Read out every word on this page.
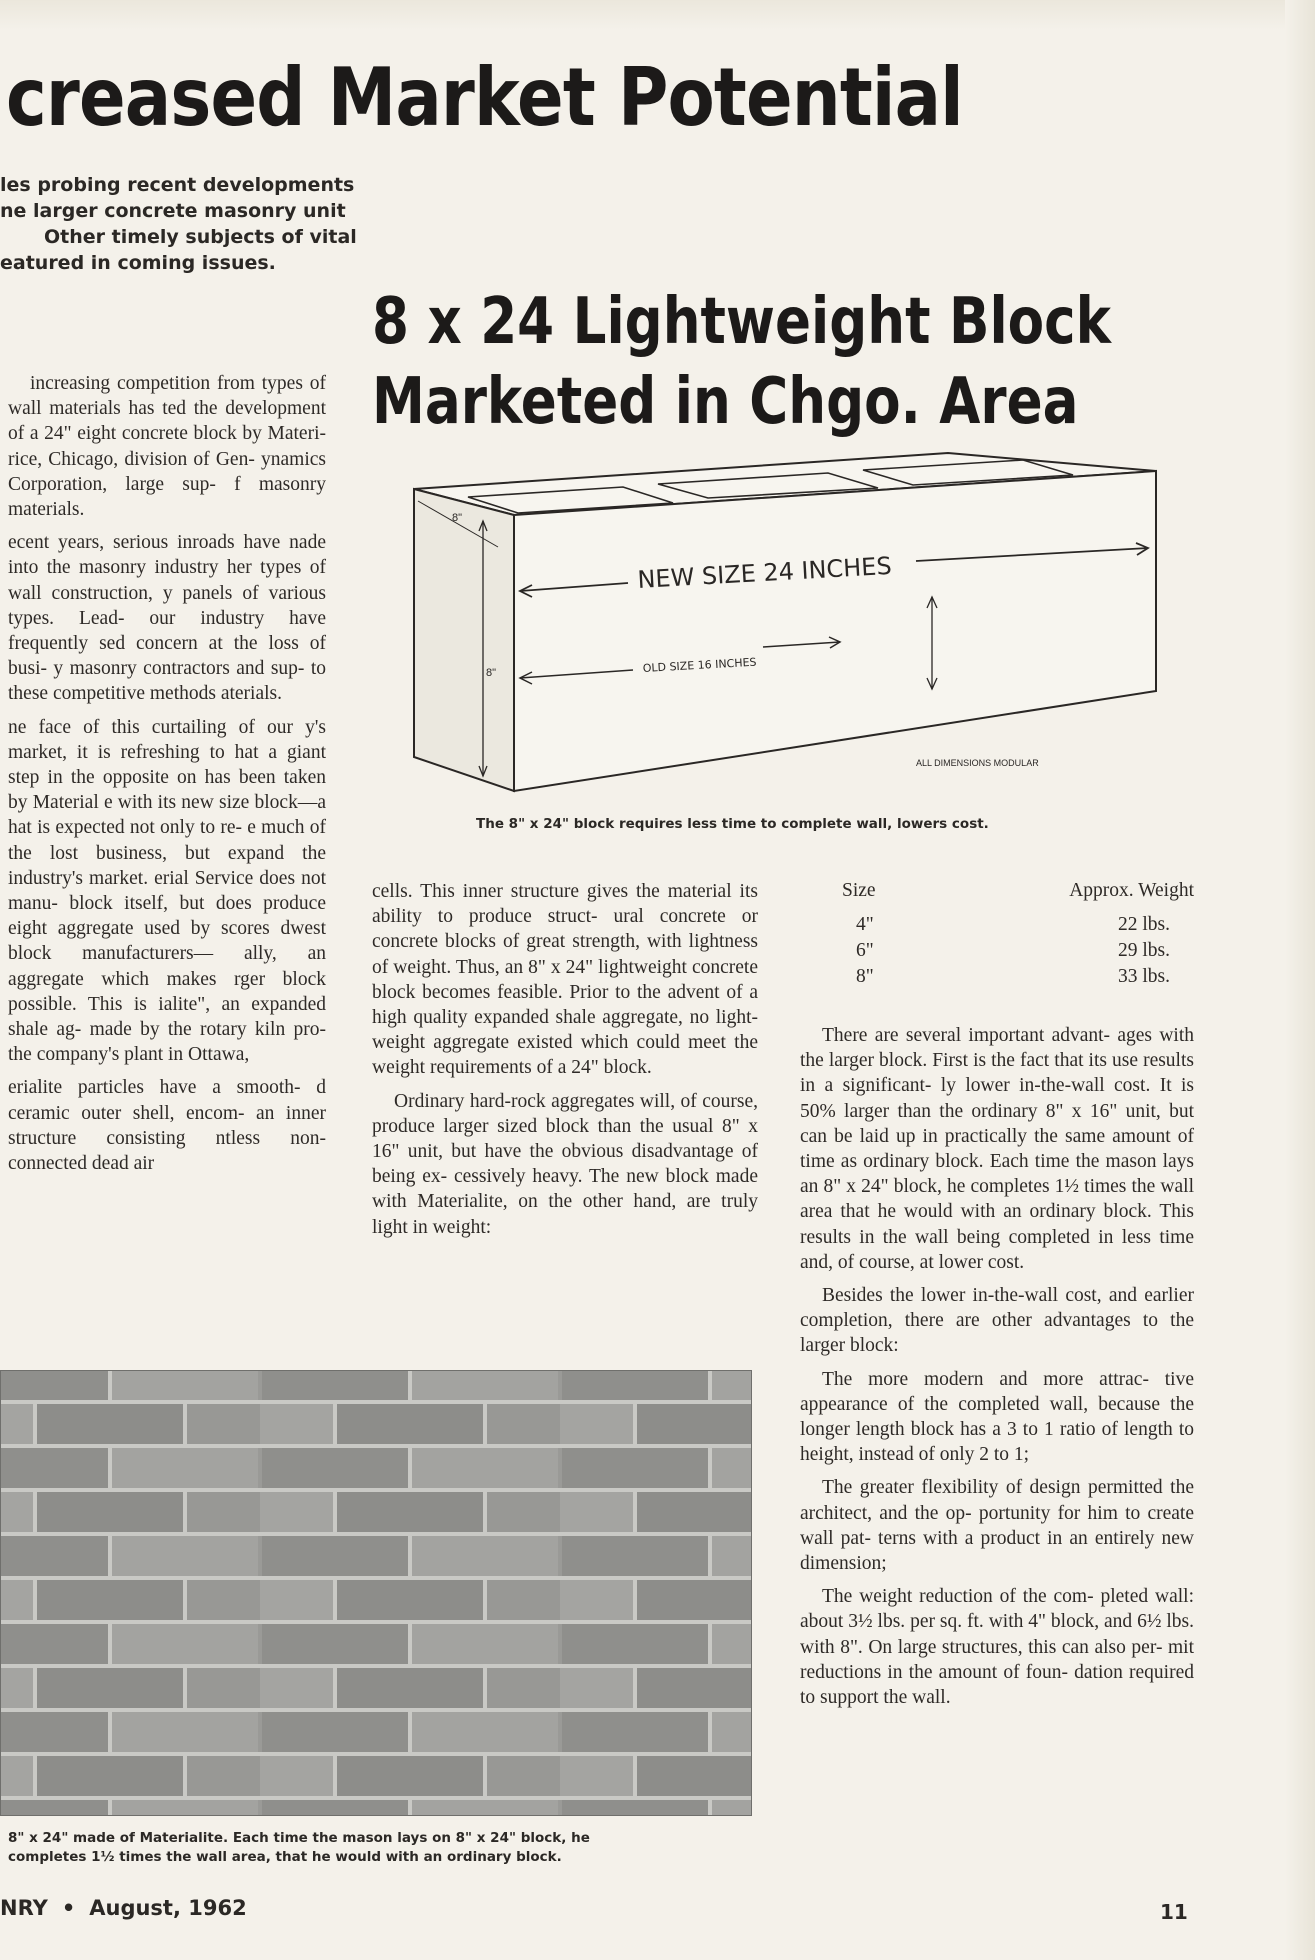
creased Market Potential

les probing recent developments

ne larger concrete masonry unit

Other timely subjects of vital

eatured in coming issues.

increasing competition from types of wall materials has ted the development of a 24" eight concrete block by Materi- rice, Chicago, division of Gen- ynamics Corporation, large sup- f masonry materials.

ecent years, serious inroads have nade into the masonry industry her types of wall construction, y panels of various types. Lead- our industry have frequently sed concern at the loss of busi- y masonry contractors and sup- to these competitive methods aterials.

ne face of this curtailing of our y's market, it is refreshing to hat a giant step in the opposite on has been taken by Material e with its new size block—a hat is expected not only to re- e much of the lost business, but expand the industry's market. erial Service does not manu- block itself, but does produce eight aggregate used by scores dwest block manufacturers— ally, an aggregate which makes rger block possible. This is ialite", an expanded shale ag- made by the rotary kiln pro- the company's plant in Ottawa,

erialite particles have a smooth- d ceramic outer shell, encom- an inner structure consisting ntless non-connected dead air

8 x 24 Lightweight Block
Marketed in Chgo. Area
8"
8"
NEW SIZE 24 INCHES
OLD SIZE 16 INCHES
ALL DIMENSIONS MODULAR
The 8" x 24" block requires less time to complete wall, lowers cost.

cells. This inner structure gives the material its ability to produce struct- ural concrete or concrete blocks of great strength, with lightness of weight. Thus, an 8" x 24" lightweight concrete block becomes feasible. Prior to the advent of a high quality expanded shale aggregate, no light- weight aggregate existed which could meet the weight requirements of a 24" block.

Ordinary hard-rock aggregates will, of course, produce larger sized block than the usual 8" x 16" unit, but have the obvious disadvantage of being ex- cessively heavy. The new block made with Materialite, on the other hand, are truly light in weight:

Size	Approx. Weight
4"	22 lbs.
6"	29 lbs.
8"	33 lbs.

There are several important advant- ages with the larger block. First is the fact that its use results in a significant- ly lower in-the-wall cost. It is 50% larger than the ordinary 8" x 16" unit, but can be laid up in practically the same amount of time as ordinary block. Each time the mason lays an 8" x 24" block, he completes 1½ times the wall area that he would with an ordinary block. This results in the wall being completed in less time and, of course, at lower cost.

Besides the lower in-the-wall cost, and earlier completion, there are other advantages to the larger block:

The more modern and more attrac- tive appearance of the completed wall, because the longer length block has a 3 to 1 ratio of length to height, instead of only 2 to 1;

The greater flexibility of design permitted the architect, and the op- portunity for him to create wall pat- terns with a product in an entirely new dimension;

The weight reduction of the com- pleted wall: about 3½ lbs. per sq. ft. with 4" block, and 6½ lbs. with 8". On large structures, this can also per- mit reductions in the amount of foun- dation required to support the wall.

8" x 24" made of Materialite. Each time the mason lays on 8" x 24" block, he

completes 1½ times the wall area, that he would with an ordinary block.

NRY • August, 1962	11
